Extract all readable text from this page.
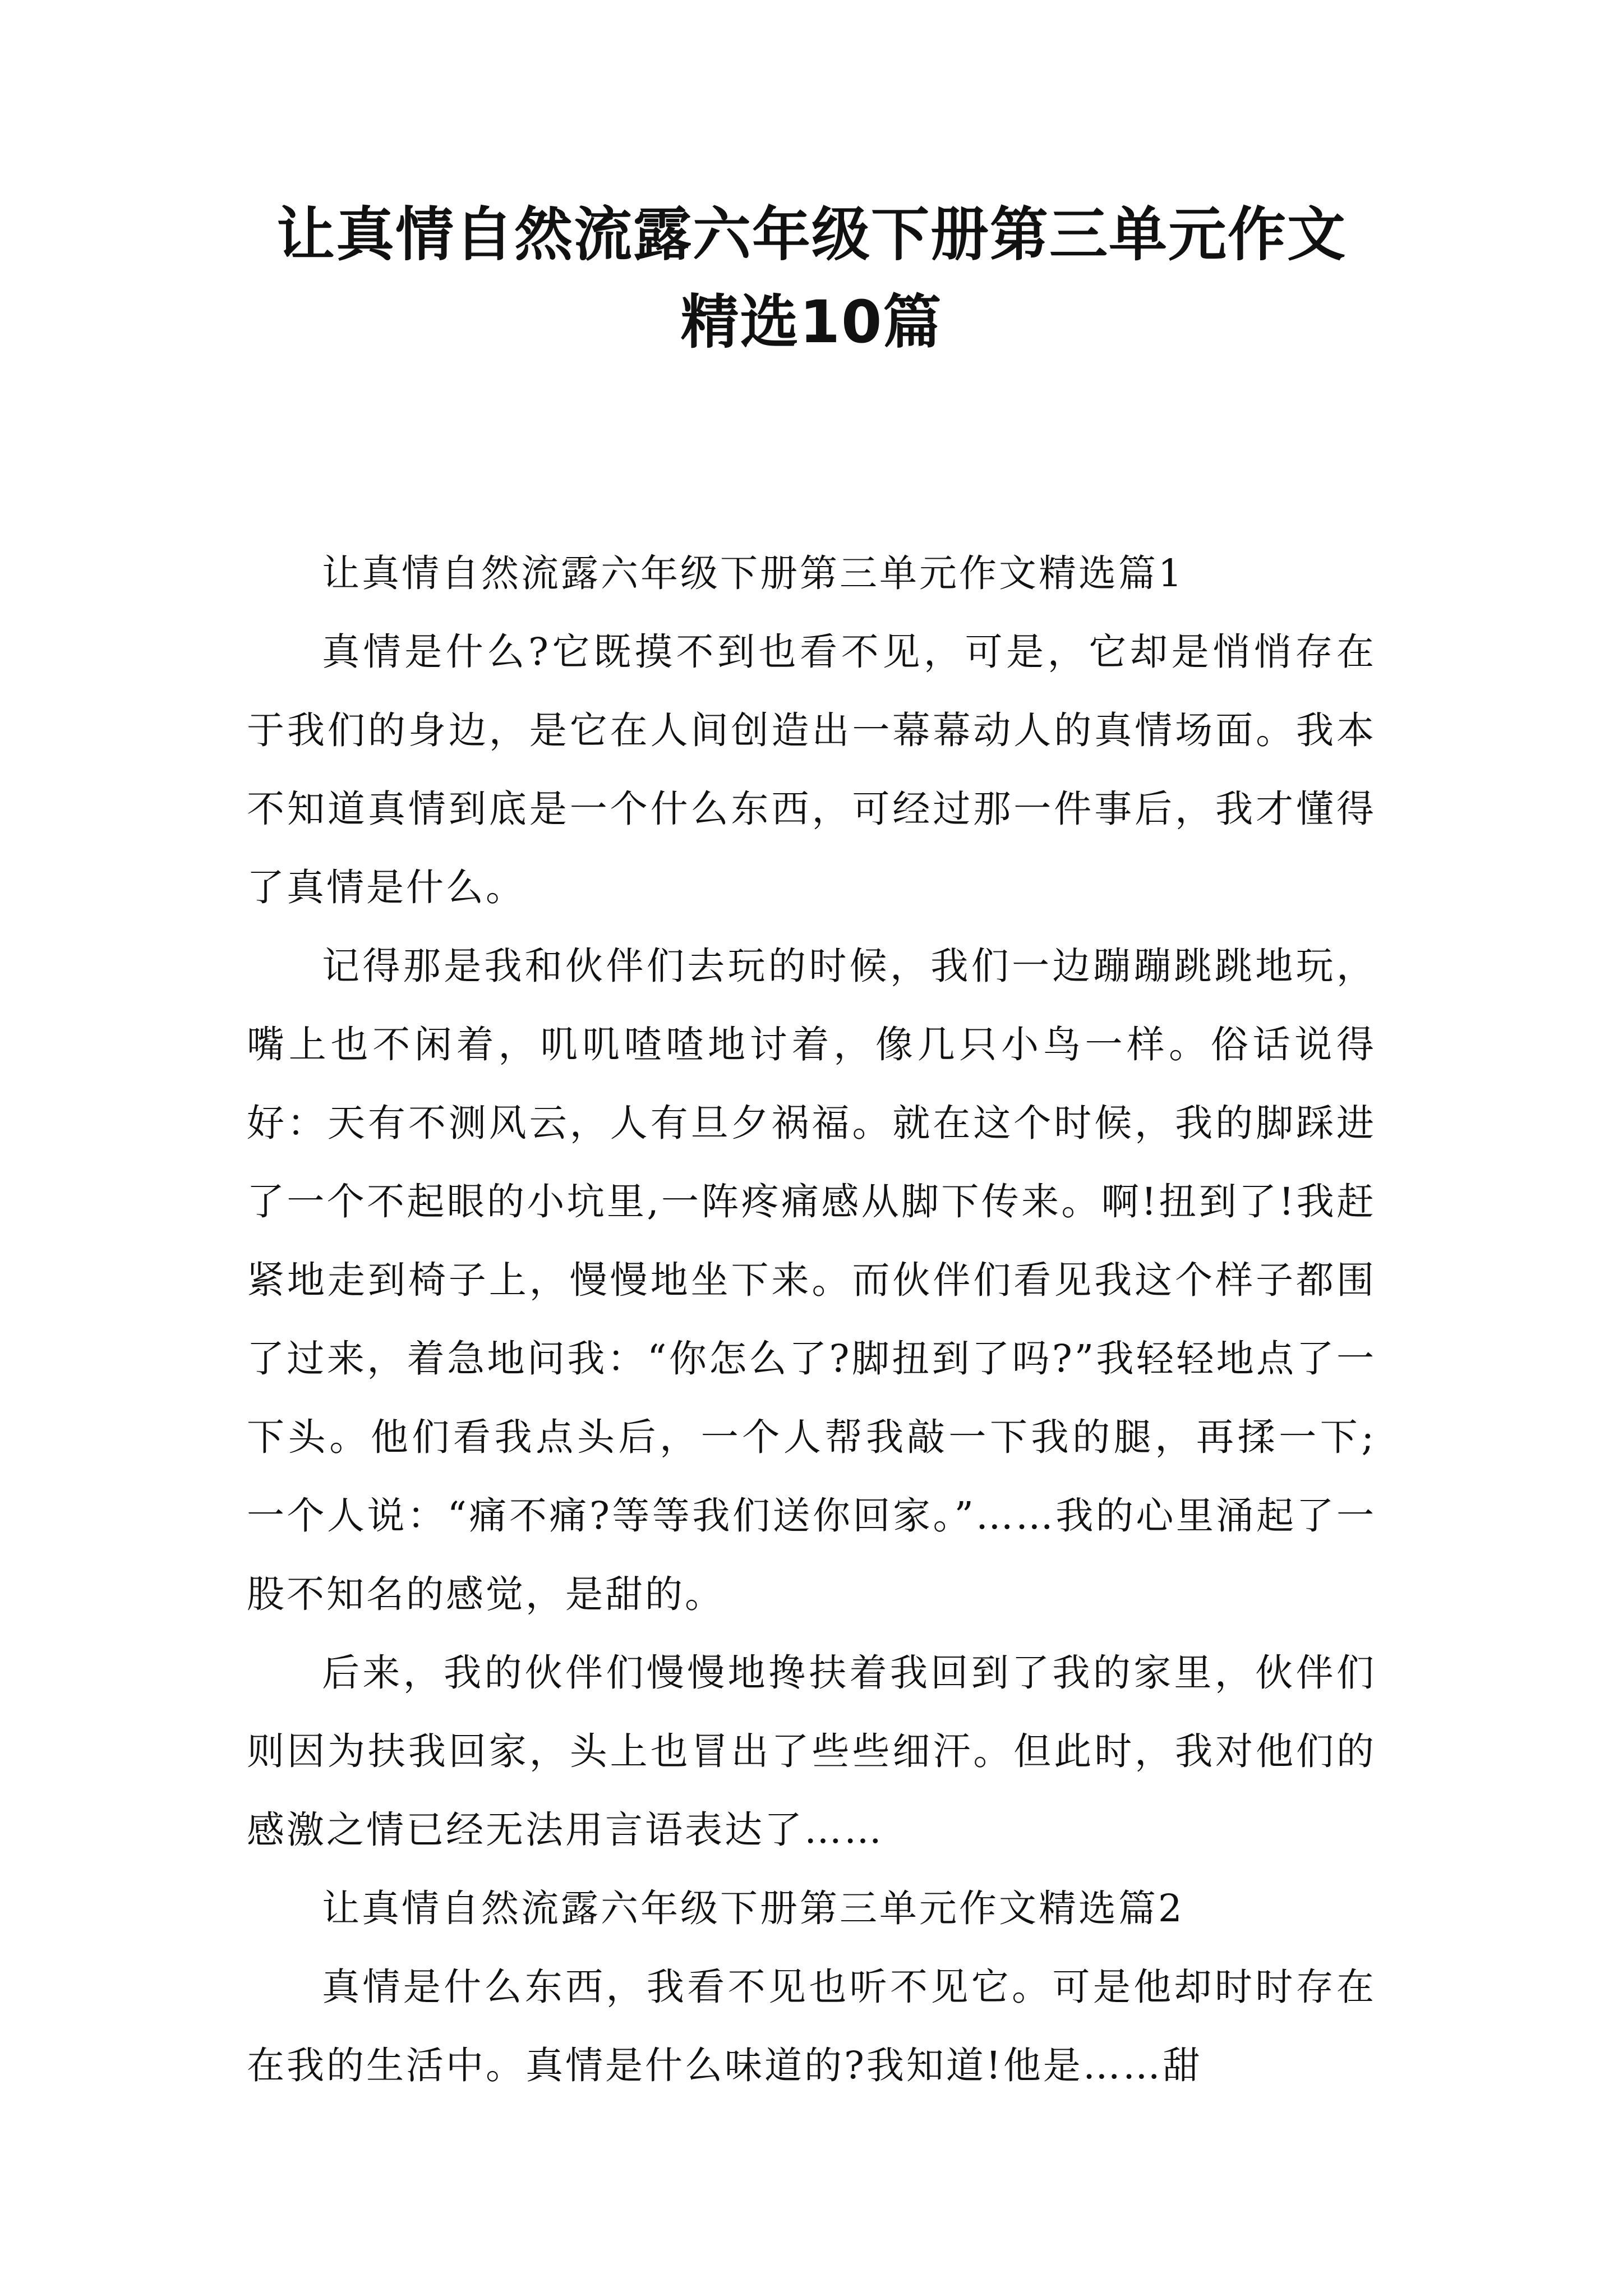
让真情自然流露六年级下册第三单元作文
精选10篇

让真情自然流露六年级下册第三单元作文精选篇1

真情是什么?它既摸不到也看不见，可是，它却是悄悄存在于我们的身边，是它在人间创造出一幕幕动人的真情场面。我本不知道真情到底是一个什么东西，可经过那一件事后，我才懂得了真情是什么。

记得那是我和伙伴们去玩的时候，我们一边蹦蹦跳跳地玩，嘴上也不闲着，叽叽喳喳地讨着，像几只小鸟一样。俗话说得好：天有不测风云，人有旦夕祸福。就在这个时候，我的脚踩进了一个不起眼的小坑里,一阵疼痛感从脚下传来。啊!扭到了!我赶紧地走到椅子上，慢慢地坐下来。而伙伴们看见我这个样子都围了过来，着急地问我：“你怎么了?脚扭到了吗?”我轻轻地点了一下头。他们看我点头后，一个人帮我敲一下我的腿，再揉一下;一个人说：“痛不痛?等等我们送你回家。”……我的心里涌起了一股不知名的感觉，是甜的。

后来，我的伙伴们慢慢地搀扶着我回到了我的家里，伙伴们则因为扶我回家，头上也冒出了些些细汗。但此时，我对他们的感激之情已经无法用言语表达了……

让真情自然流露六年级下册第三单元作文精选篇2

真情是什么东西，我看不见也听不见它。可是他却时时存在在我的生活中。真情是什么味道的?我知道!他是……甜
